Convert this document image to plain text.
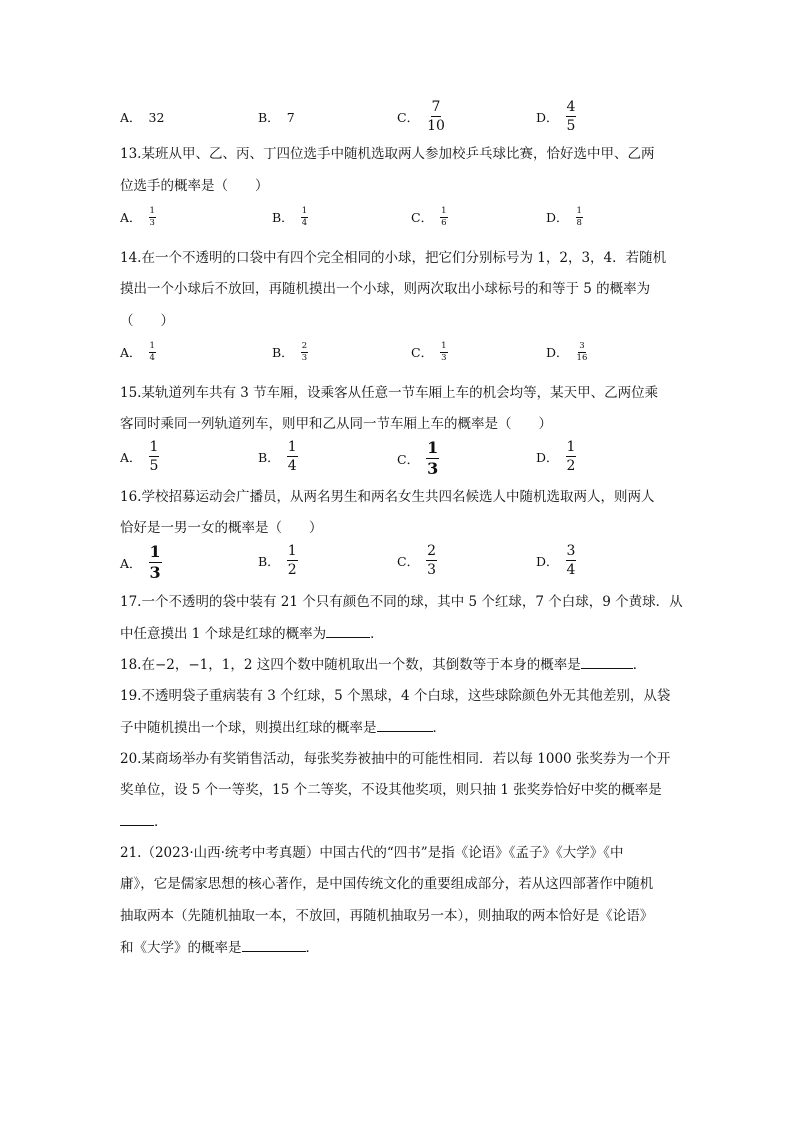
A． 32	B． 7	C． $\frac{7}{10}$	D． $\frac{4}{5}$
13.某班从甲、乙、丙、丁四位选手中随机选取两人参加校乒乓球比赛，恰好选中甲、乙两
位选手的概率是（　　）
A． $\frac{1}{3}$	B． $\frac{1}{4}$	C． $\frac{1}{6}$	D． $\frac{1}{8}$
14.在一个不透明的口袋中有四个完全相同的小球，把它们分别标号为 1，2，3，4．若随机
摸出一个小球后不放回，再随机摸出一个小球，则两次取出小球标号的和等于 5 的概率为
（　　）
A． $\frac{1}{4}$	B． $\frac{2}{3}$	C． $\frac{1}{3}$	D． $\frac{3}{16}$
15.某轨道列车共有 3 节车厢，设乘客从任意一节车厢上车的机会均等，某天甲、乙两位乘
客同时乘同一列轨道列车，则甲和乙从同一节车厢上车的概率是（　　）
A． $\frac{1}{5}$	B． $\frac{1}{4}$	C． $\frac{1}{3}$	D． $\frac{1}{2}$
16.学校招募运动会广播员，从两名男生和两名女生共四名候选人中随机选取两人，则两人
恰好是一男一女的概率是（　　）
A． $\frac{1}{3}$	B． $\frac{1}{2}$	C． $\frac{2}{3}$	D． $\frac{3}{4}$
17.一个不透明的袋中装有 21 个只有颜色不同的球，其中 5 个红球，7 个白球，9 个黄球．从
中任意摸出 1 个球是红球的概率为	．
18.在−2，−1，1，2 这四个数中随机取出一个数，其倒数等于本身的概率是	．
19.不透明袋子重病装有 3 个红球，5 个黑球，4 个白球，这些球除颜色外无其他差别，从袋
子中随机摸出一个球，则摸出红球的概率是	．
20.某商场举办有奖销售活动，每张奖券被抽中的可能性相同．若以每 1000 张奖券为一个开
奖单位，设 5 个一等奖，15 个二等奖，不设其他奖项，则只抽 1 张奖券恰好中奖的概率是
．
21.（2023·山西·统考中考真题）中国古代的“四书”是指《论语》《孟子》《大学》《中
庸》，它是儒家思想的核心著作，是中国传统文化的重要组成部分，若从这四部著作中随机
抽取两本（先随机抽取一本，不放回，再随机抽取另一本），则抽取的两本恰好是《论语》
和《大学》的概率是	．
